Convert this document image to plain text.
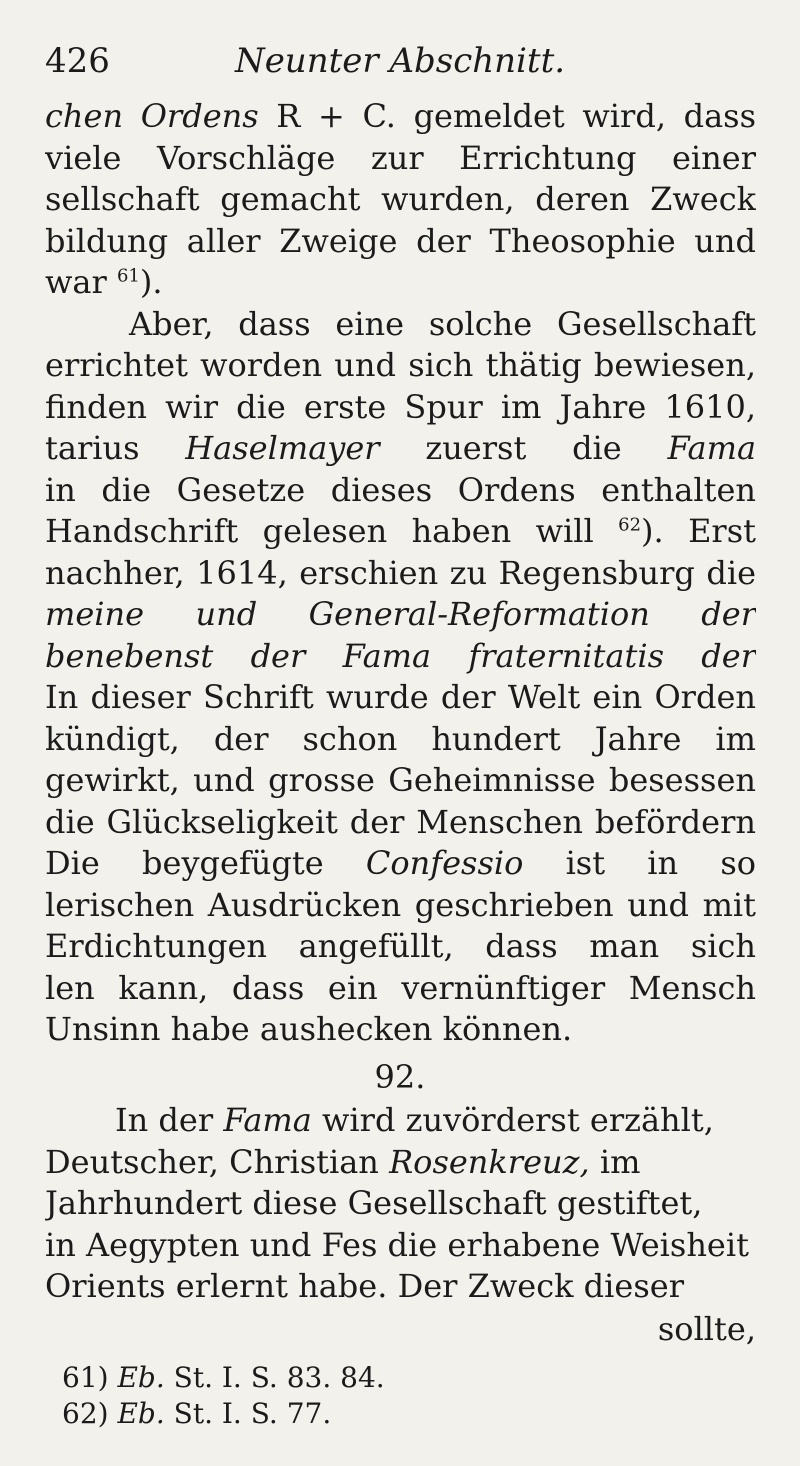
426	Neunter Abschnitt.
chen Ordens R + C. gemeldet wird, dass
viele Vorschläge zur Errichtung einer
sellschaft gemacht wurden, deren Zweck
bildung aller Zweige der Theosophie und
war $^{61}$).
Aber, dass eine solche Gesellschaft
errichtet worden und sich thätig bewiesen,
finden wir die erste Spur im Jahre 1610,
tarius Haselmayer zuerst die Fama
in die Gesetze dieses Ordens enthalten
Handschrift gelesen haben will $^{62}$). Erst
nachher, 1614, erschien zu Regensburg die
meine und General-Reformation der
benebenst der Fama fraternitatis der
In dieser Schrift wurde der Welt ein Orden
kündigt, der schon hundert Jahre im
gewirkt, und grosse Geheimnisse besessen
die Glückseligkeit der Menschen befördern
Die beygefügte Confessio ist in so
lerischen Ausdrücken geschrieben und mit
Erdichtungen angefüllt, dass man sich
len kann, dass ein vernünftiger Mensch
Unsinn habe aushecken können.
92.
In der Fama wird zuvörderst erzählt,
Deutscher, Christian Rosenkreuz, im
Jahrhundert diese Gesellschaft gestiftet,
in Aegypten und Fes die erhabene Weisheit
Orients erlernt habe. Der Zweck dieser
sollte,
61) Eb. St. I. S. 83. 84.
62) Eb. St. I. S. 77.
